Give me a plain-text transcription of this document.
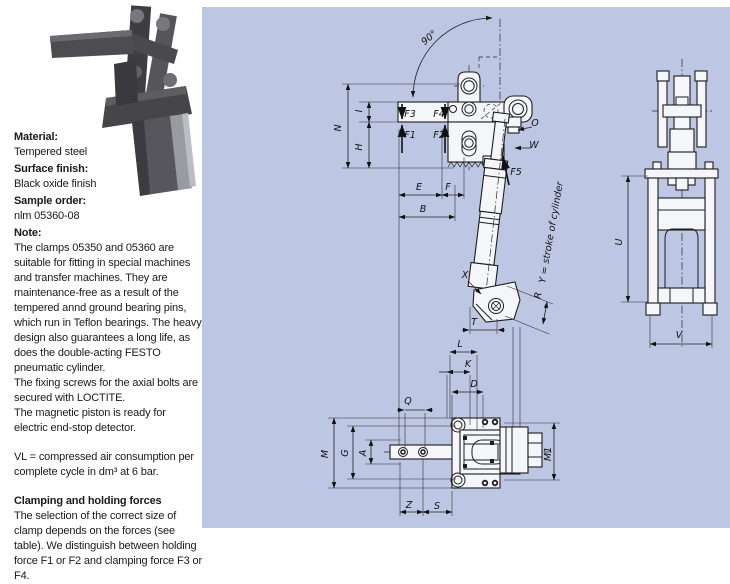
Material:
Tempered steel
Surface finish:
Black oxide finish
Sample order:
nlm 05360-08
Note:

The clamps 05350 and 05360 are suitable for fitting in special machines and transfer machines. They are maintenance-free as a result of the tempered annd ground bearing pins, which run in Teflon bearings. The heavy design also guarantees a long life, as does the double-acting FESTO pneumatic cylinder.

The fixing screws for the axial bolts are secured with LOCTITE.

The magnetic piston is ready for electric end-stop detector.

VL = compressed air consumption per complete cycle in dm³ at 6 bar.

Clamping and holding forces

The selection of the correct size of clamp depends on the forces (see table). We distinguish between holding force F1 or F2 and clamping force F3 or F4.

90°
N
I
H
F3 F4
F1 F2
E F
B
O
W
F5
X
T
R
Y = stroke of cylinder
L
K
D
Q
M G A
Z S
M1
U
V
